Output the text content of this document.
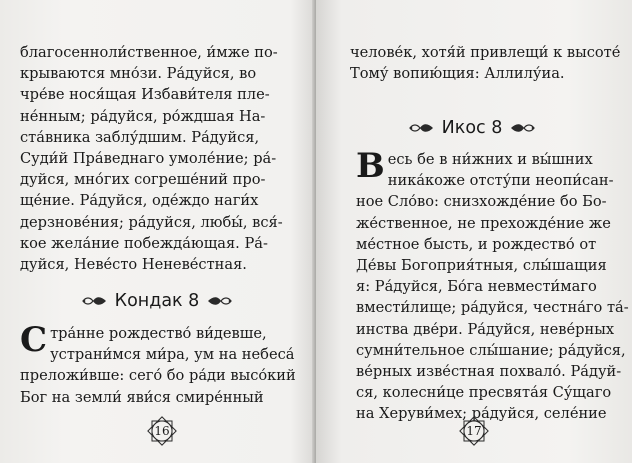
благосенноли́ственное, и́мже по-
крываются мно́зи. Ра́дуйся, во
чре́ве нося́щая Избави́теля пле-
не́нным; ра́дуйся, ро́ждшая На-
ста́вника заблу́дшим. Ра́дуйся,
Суди́й Пра́веднаго умоле́ние; ра́-
дуйся, мно́гих согреше́ний про-
ще́ние. Ра́дуйся, оде́ждо наги́х
дерзнове́ния; ра́дуйся, любы́, вся́-
кое жела́ние побежда́ющая. Ра́-
дуйся, Неве́сто Неневе́стная.
Кондак 8
С тра́нне рождество́ ви́девше,
устрани́мся ми́ра, ум на небеса́
преложи́вше: сего́ бо ра́ди высо́кий
Бог на земли́ яви́ся смире́нный
16
челове́к, хотя́й привлещи́ к высоте́
Тому́ вопию́щия: Аллилу́иа.
Икос 8
В есь бе в ни́жних и вы́шних
ника́коже отсту́пи неопи́сан-
ное Сло́во: снизхожде́ние бо Бо-
же́ственное, не прехожде́ние же
ме́стное бысть, и рождество́ от
Де́вы Богоприя́тныя, слы́шащия
я: Ра́дуйся, Бо́га невмести́маго
вмести́лище; ра́дуйся, честна́го та́-
инства две́ри. Ра́дуйся, неве́рных
сумни́тельное слы́шание; ра́дуйся,
ве́рных изве́стная похвало́. Ра́дуй-
ся, колесни́це пресвята́я Су́щаго
на Херуви́мех; ра́дуйся, селе́ние
17
